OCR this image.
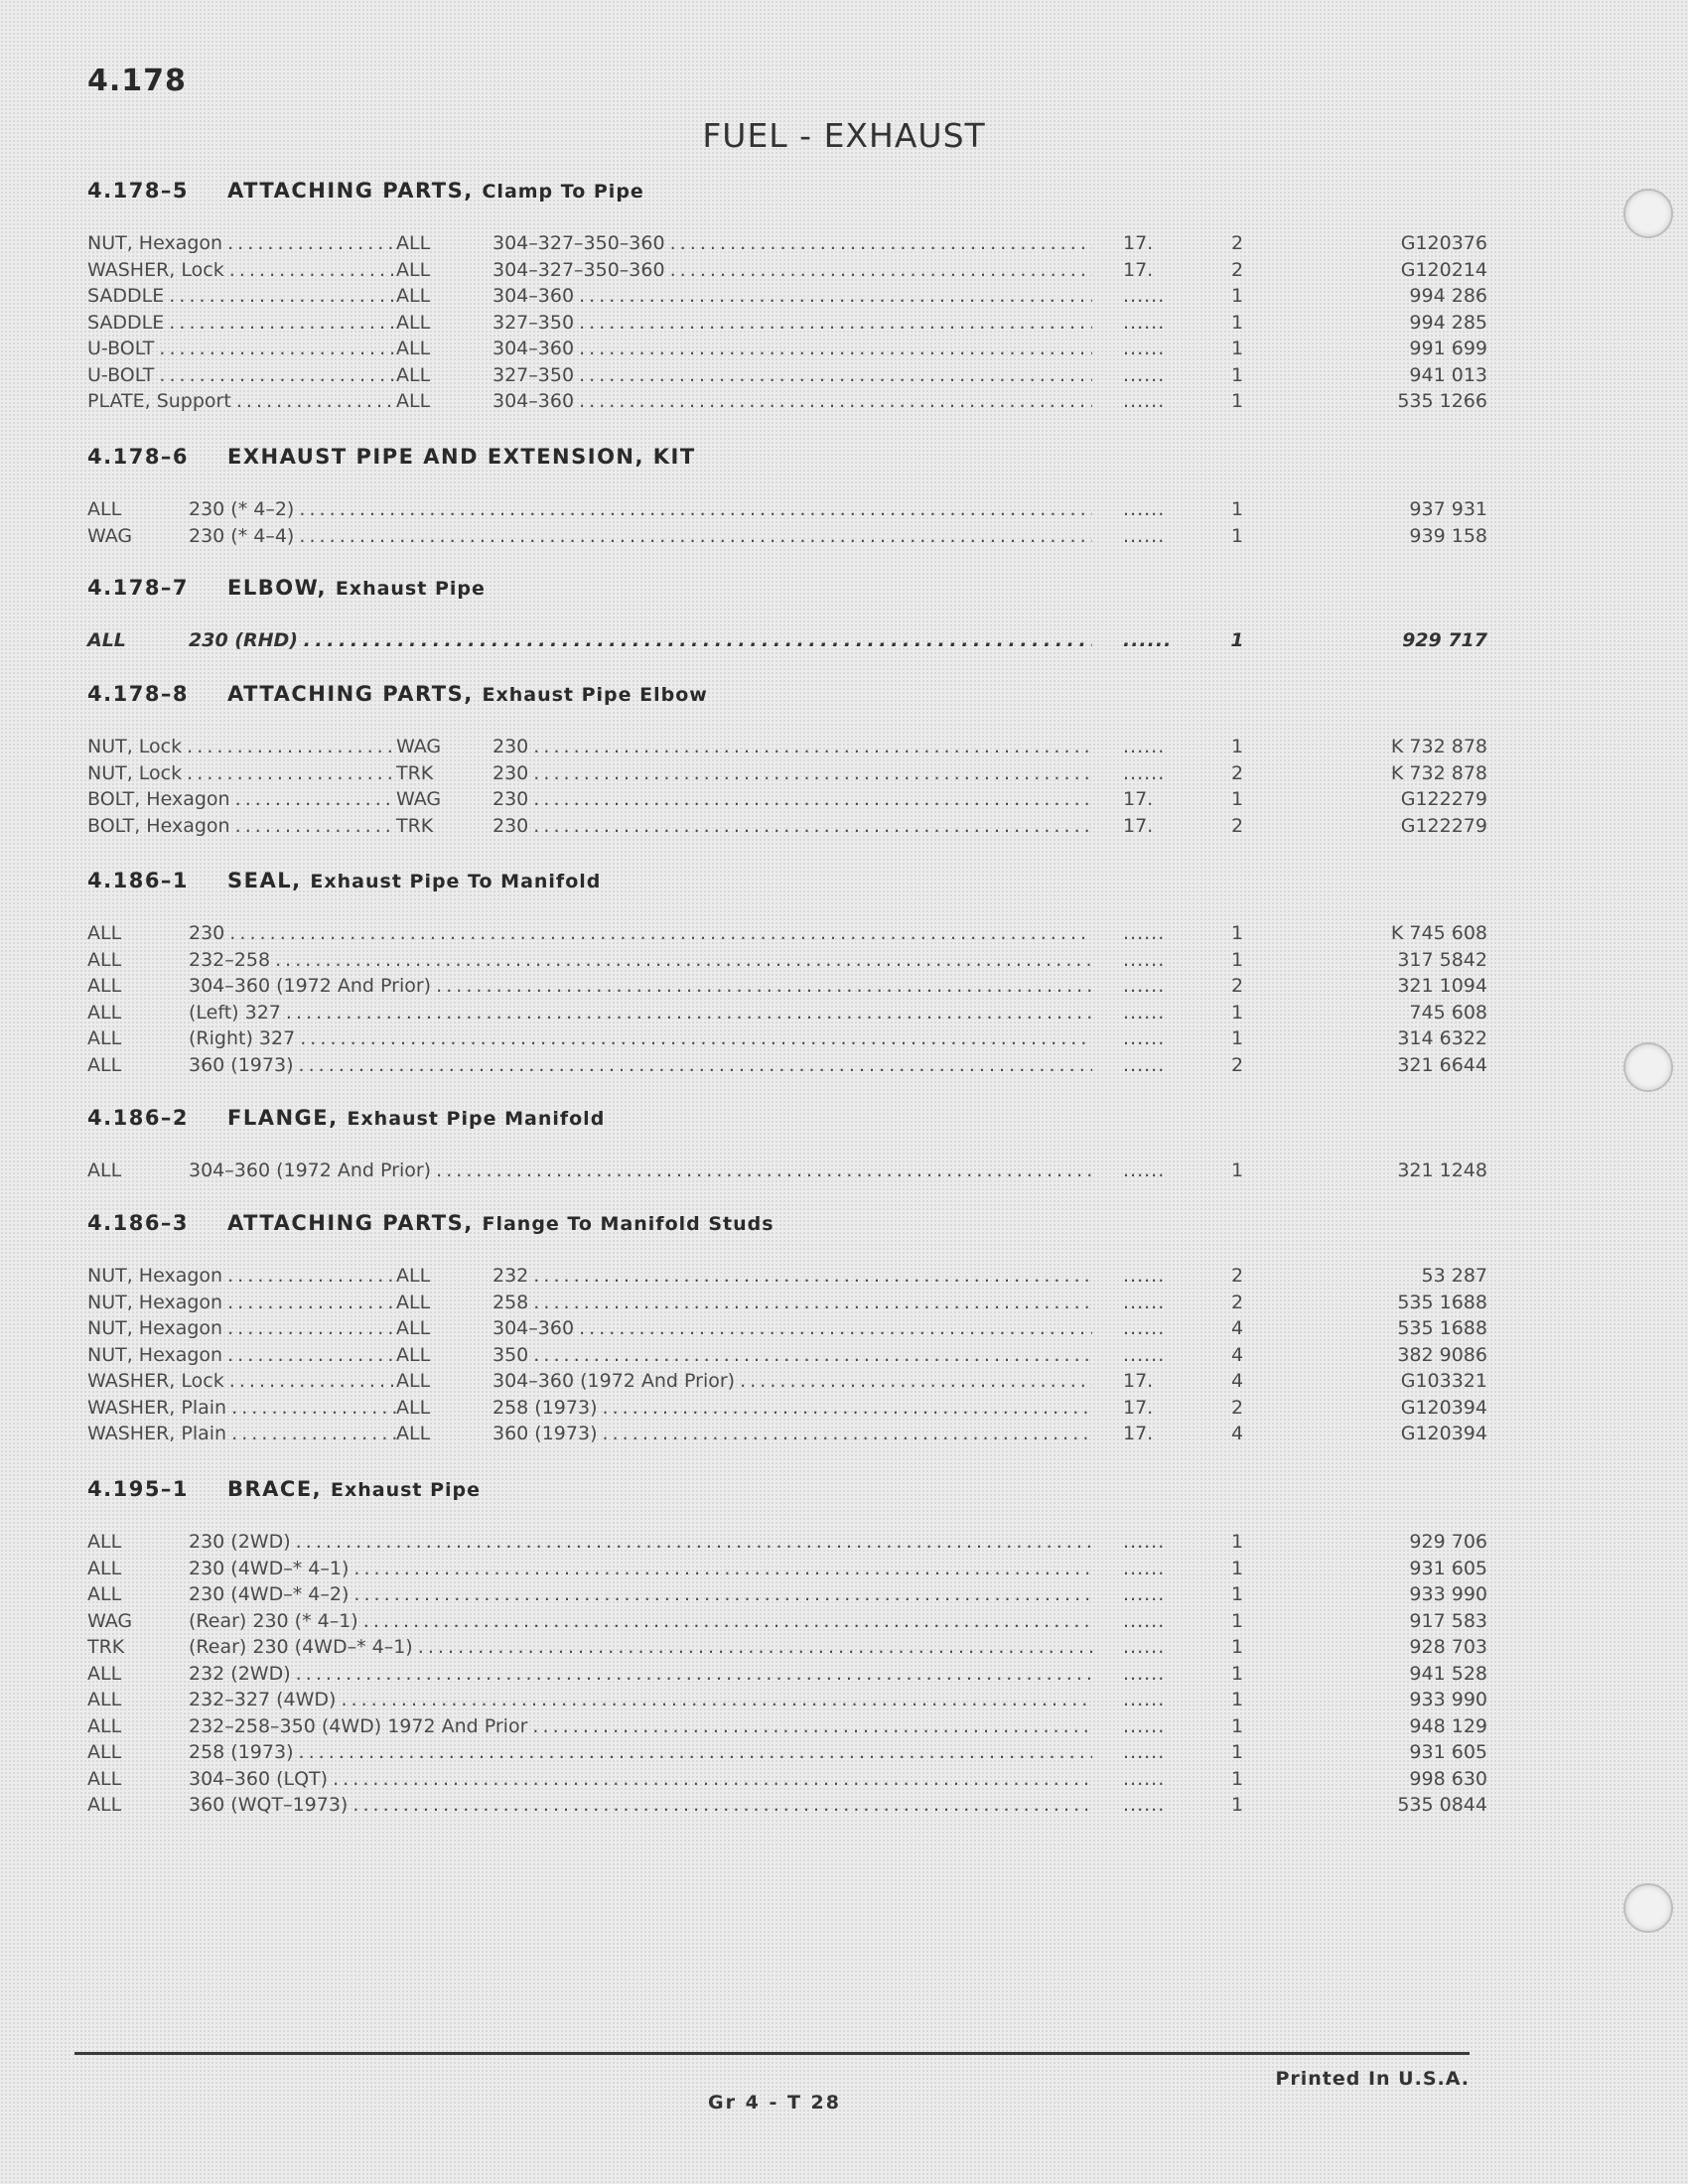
4.178
FUEL - EXHAUST
4.178–5 ATTACHING PARTS, Clamp To Pipe
NUT, Hexagon . . .	ALL	304–327–350–360 . . .	17.	2	G120376
WASHER, Lock . . .	ALL	304–327–350–360 . . .	17.	2	G120214
SADDLE . . .	ALL	304–360 . . .	......	1	994 286
SADDLE . . .	ALL	327–350 . . .	......	1	994 285
U-BOLT . . .	ALL	304–360 . . .	......	1	991 699
U-BOLT . . .	ALL	327–350 . . .	......	1	941 013
PLATE, Support . . .	ALL	304–360 . . .	......	1	535 1266
4.178–6 EXHAUST PIPE AND EXTENSION, KIT
ALL	230 (* 4–2) . . .	......	1	937 931
WAG	230 (* 4–4) . . .	......	1	939 158
4.178–7 ELBOW, Exhaust Pipe
ALL	230 (RHD) . . .	......	1	929 717
4.178–8 ATTACHING PARTS, Exhaust Pipe Elbow
NUT, Lock . . .	WAG	230 . . .	......	1	K 732 878
NUT, Lock . . .	TRK	230 . . .	......	2	K 732 878
BOLT, Hexagon . . .	WAG	230 . . .	17.	1	G122279
BOLT, Hexagon . . .	TRK	230 . . .	17.	2	G122279
4.186–1 SEAL, Exhaust Pipe To Manifold
ALL	230 . . .	......	1	K 745 608
ALL	232–258 . . .	......	1	317 5842
ALL	304–360 (1972 And Prior) . . .	......	2	321 1094
ALL	(Left) 327 . . .	......	1	745 608
ALL	(Right) 327 . . .	......	1	314 6322
ALL	360 (1973) . . .	......	2	321 6644
4.186–2 FLANGE, Exhaust Pipe Manifold
ALL	304–360 (1972 And Prior) . . .	......	1	321 1248
4.186–3 ATTACHING PARTS, Flange To Manifold Studs
NUT, Hexagon . . .	ALL	232 . . .	......	2	53 287
NUT, Hexagon . . .	ALL	258 . . .	......	2	535 1688
NUT, Hexagon . . .	ALL	304–360 . . .	......	4	535 1688
NUT, Hexagon . . .	ALL	350 . . .	......	4	382 9086
WASHER, Lock . . .	ALL	304–360 (1972 And Prior) . . .	17.	4	G103321
WASHER, Plain . . .	ALL	258 (1973) . . .	17.	2	G120394
WASHER, Plain . . .	ALL	360 (1973) . . .	17.	4	G120394
4.195–1 BRACE, Exhaust Pipe
ALL	230 (2WD) . . .	......	1	929 706
ALL	230 (4WD–* 4–1) . . .	......	1	931 605
ALL	230 (4WD–* 4–2) . . .	......	1	933 990
WAG	(Rear) 230 (* 4–1) . . .	......	1	917 583
TRK	(Rear) 230 (4WD–* 4–1) . . .	......	1	928 703
ALL	232 (2WD) . . .	......	1	941 528
ALL	232–327 (4WD) . . .	......	1	933 990
ALL	232–258–350 (4WD) 1972 And Prior . . .	......	1	948 129
ALL	258 (1973) . . .	......	1	931 605
ALL	304–360 (LQT) . . .	......	1	998 630
ALL	360 (WQT–1973) . . .	......	1	535 0844
Printed In U.S.A.
Gr 4 - T 28
